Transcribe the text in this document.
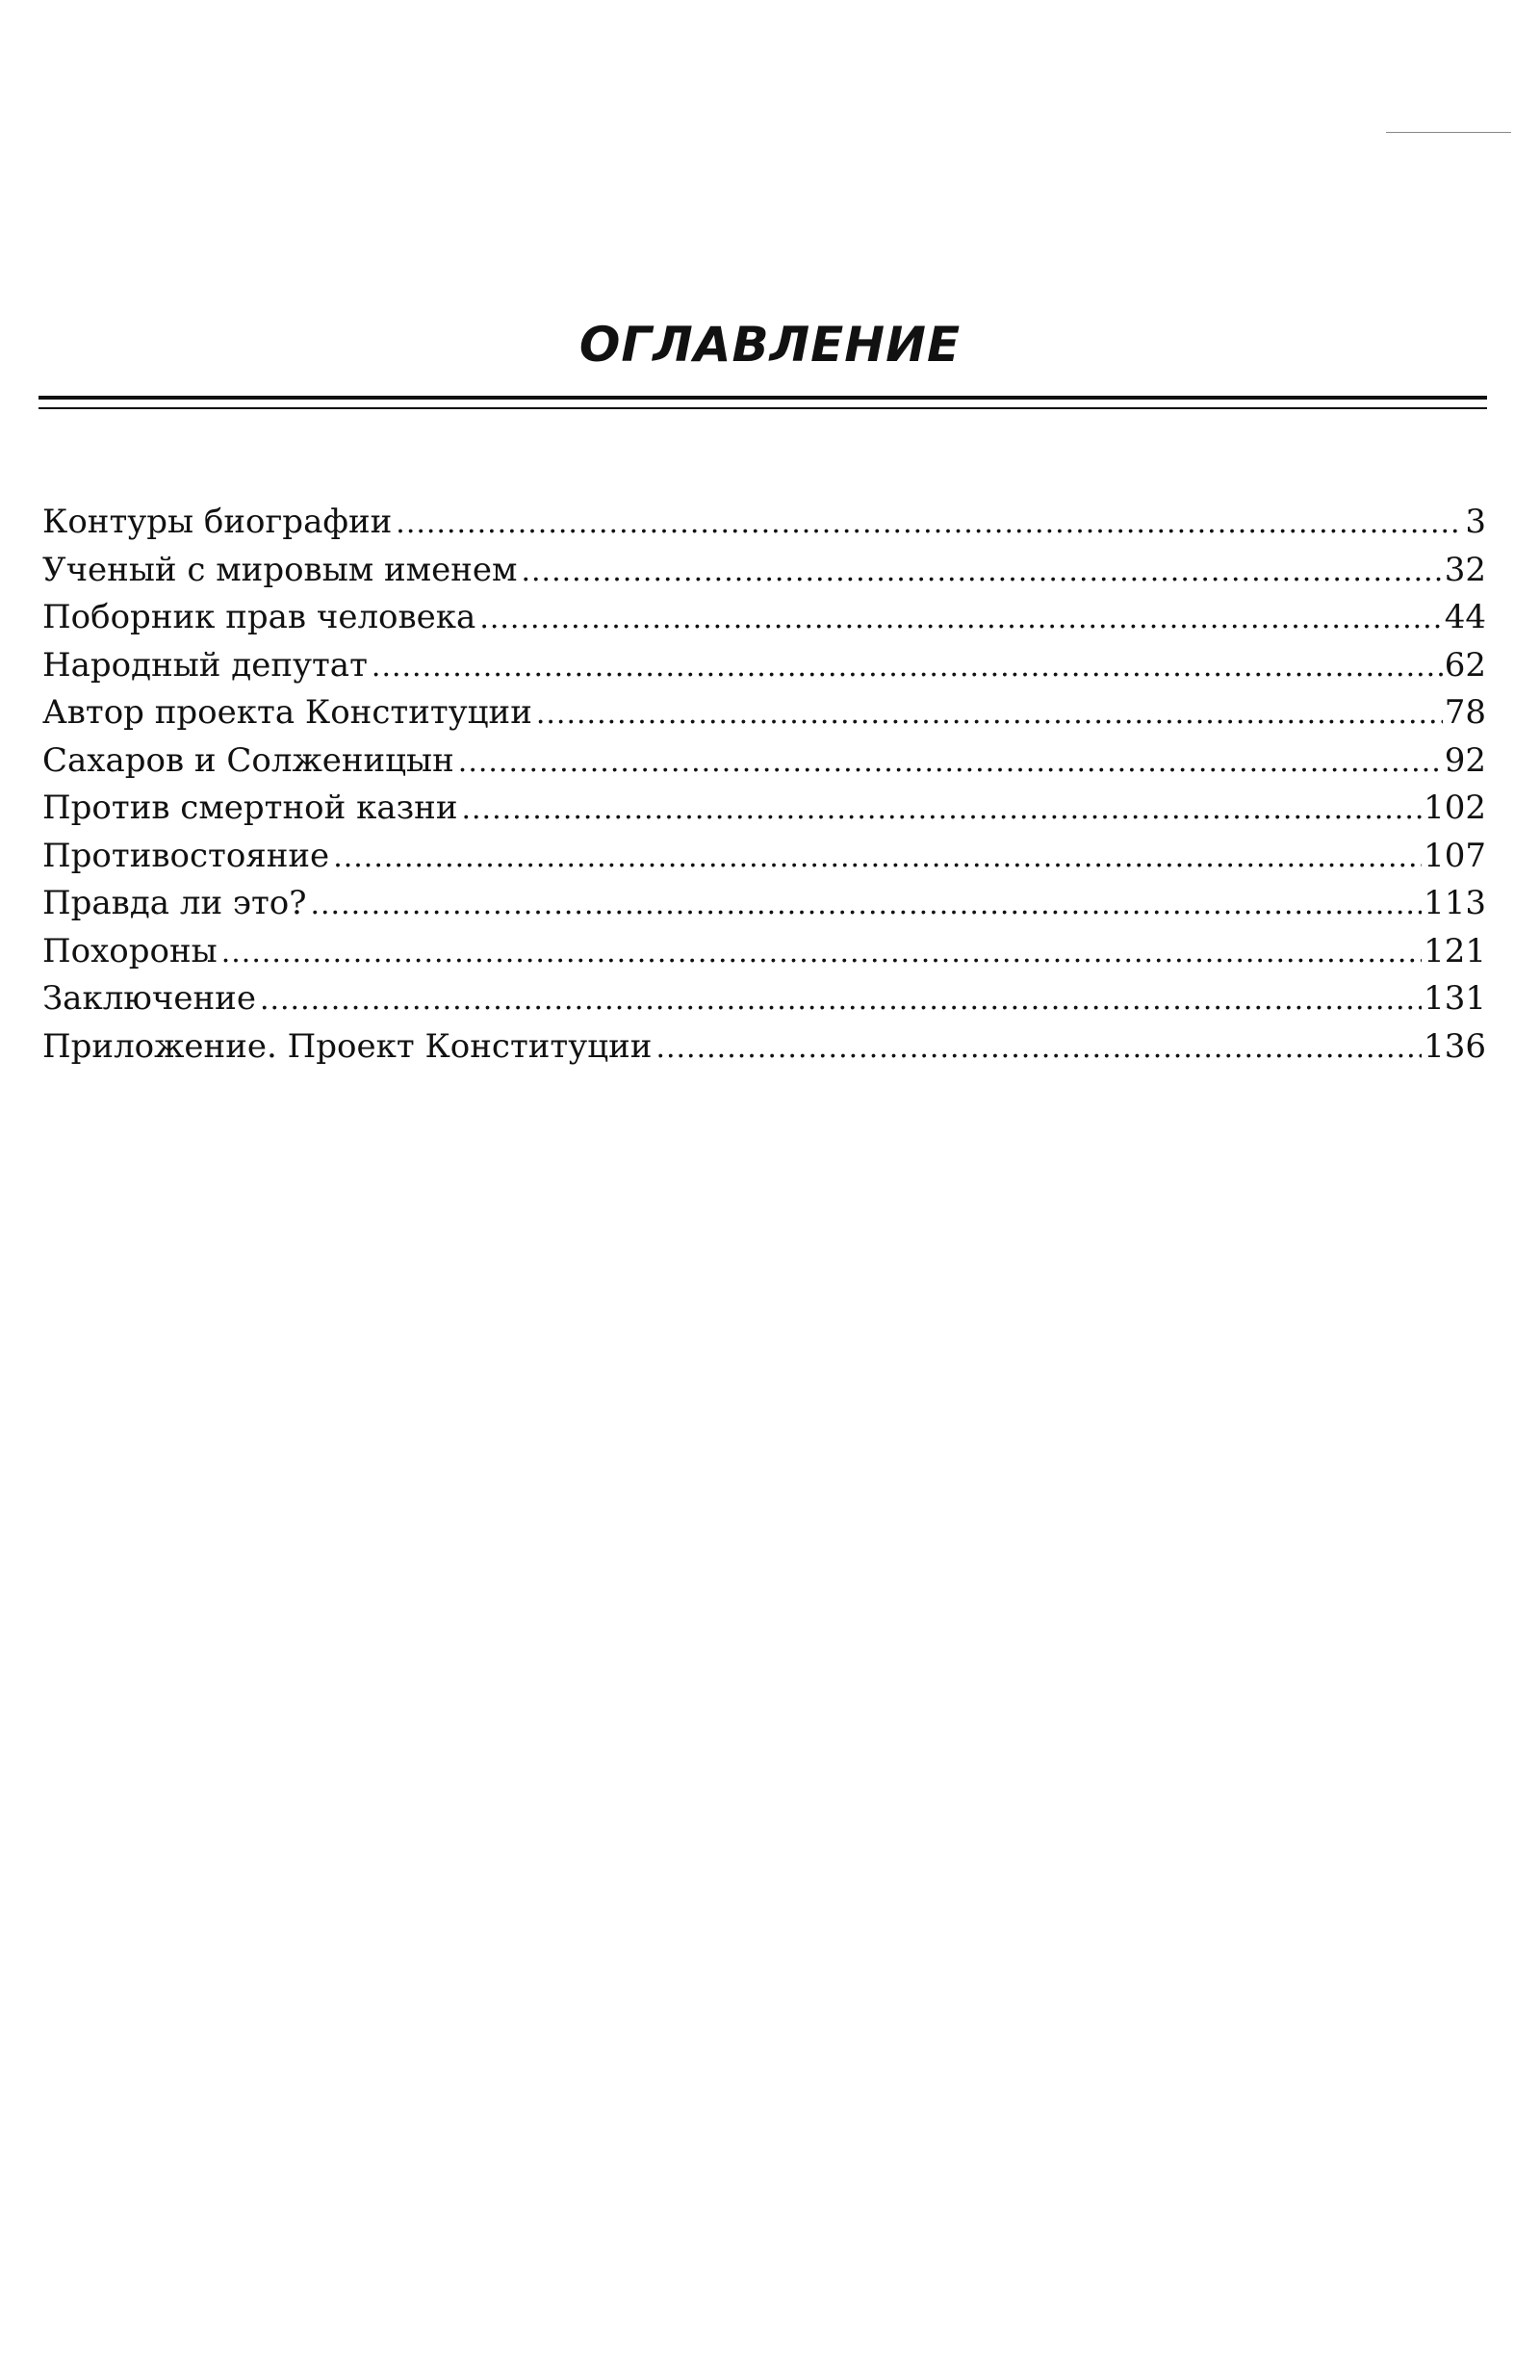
ОГЛАВЛЕНИЕ
Контуры биографии .....	3
Ученый с мировым именем .....	32
Поборник прав человека .....	44
Народный депутат .....	62
Автор проекта Конституции .....	78
Сахаров и Солженицын .....	92
Против смертной казни .....	102
Противостояние .....	107
Правда ли это? .....	113
Похороны .....	121
Заключение .....	131
Приложение. Проект Конституции .....	136
